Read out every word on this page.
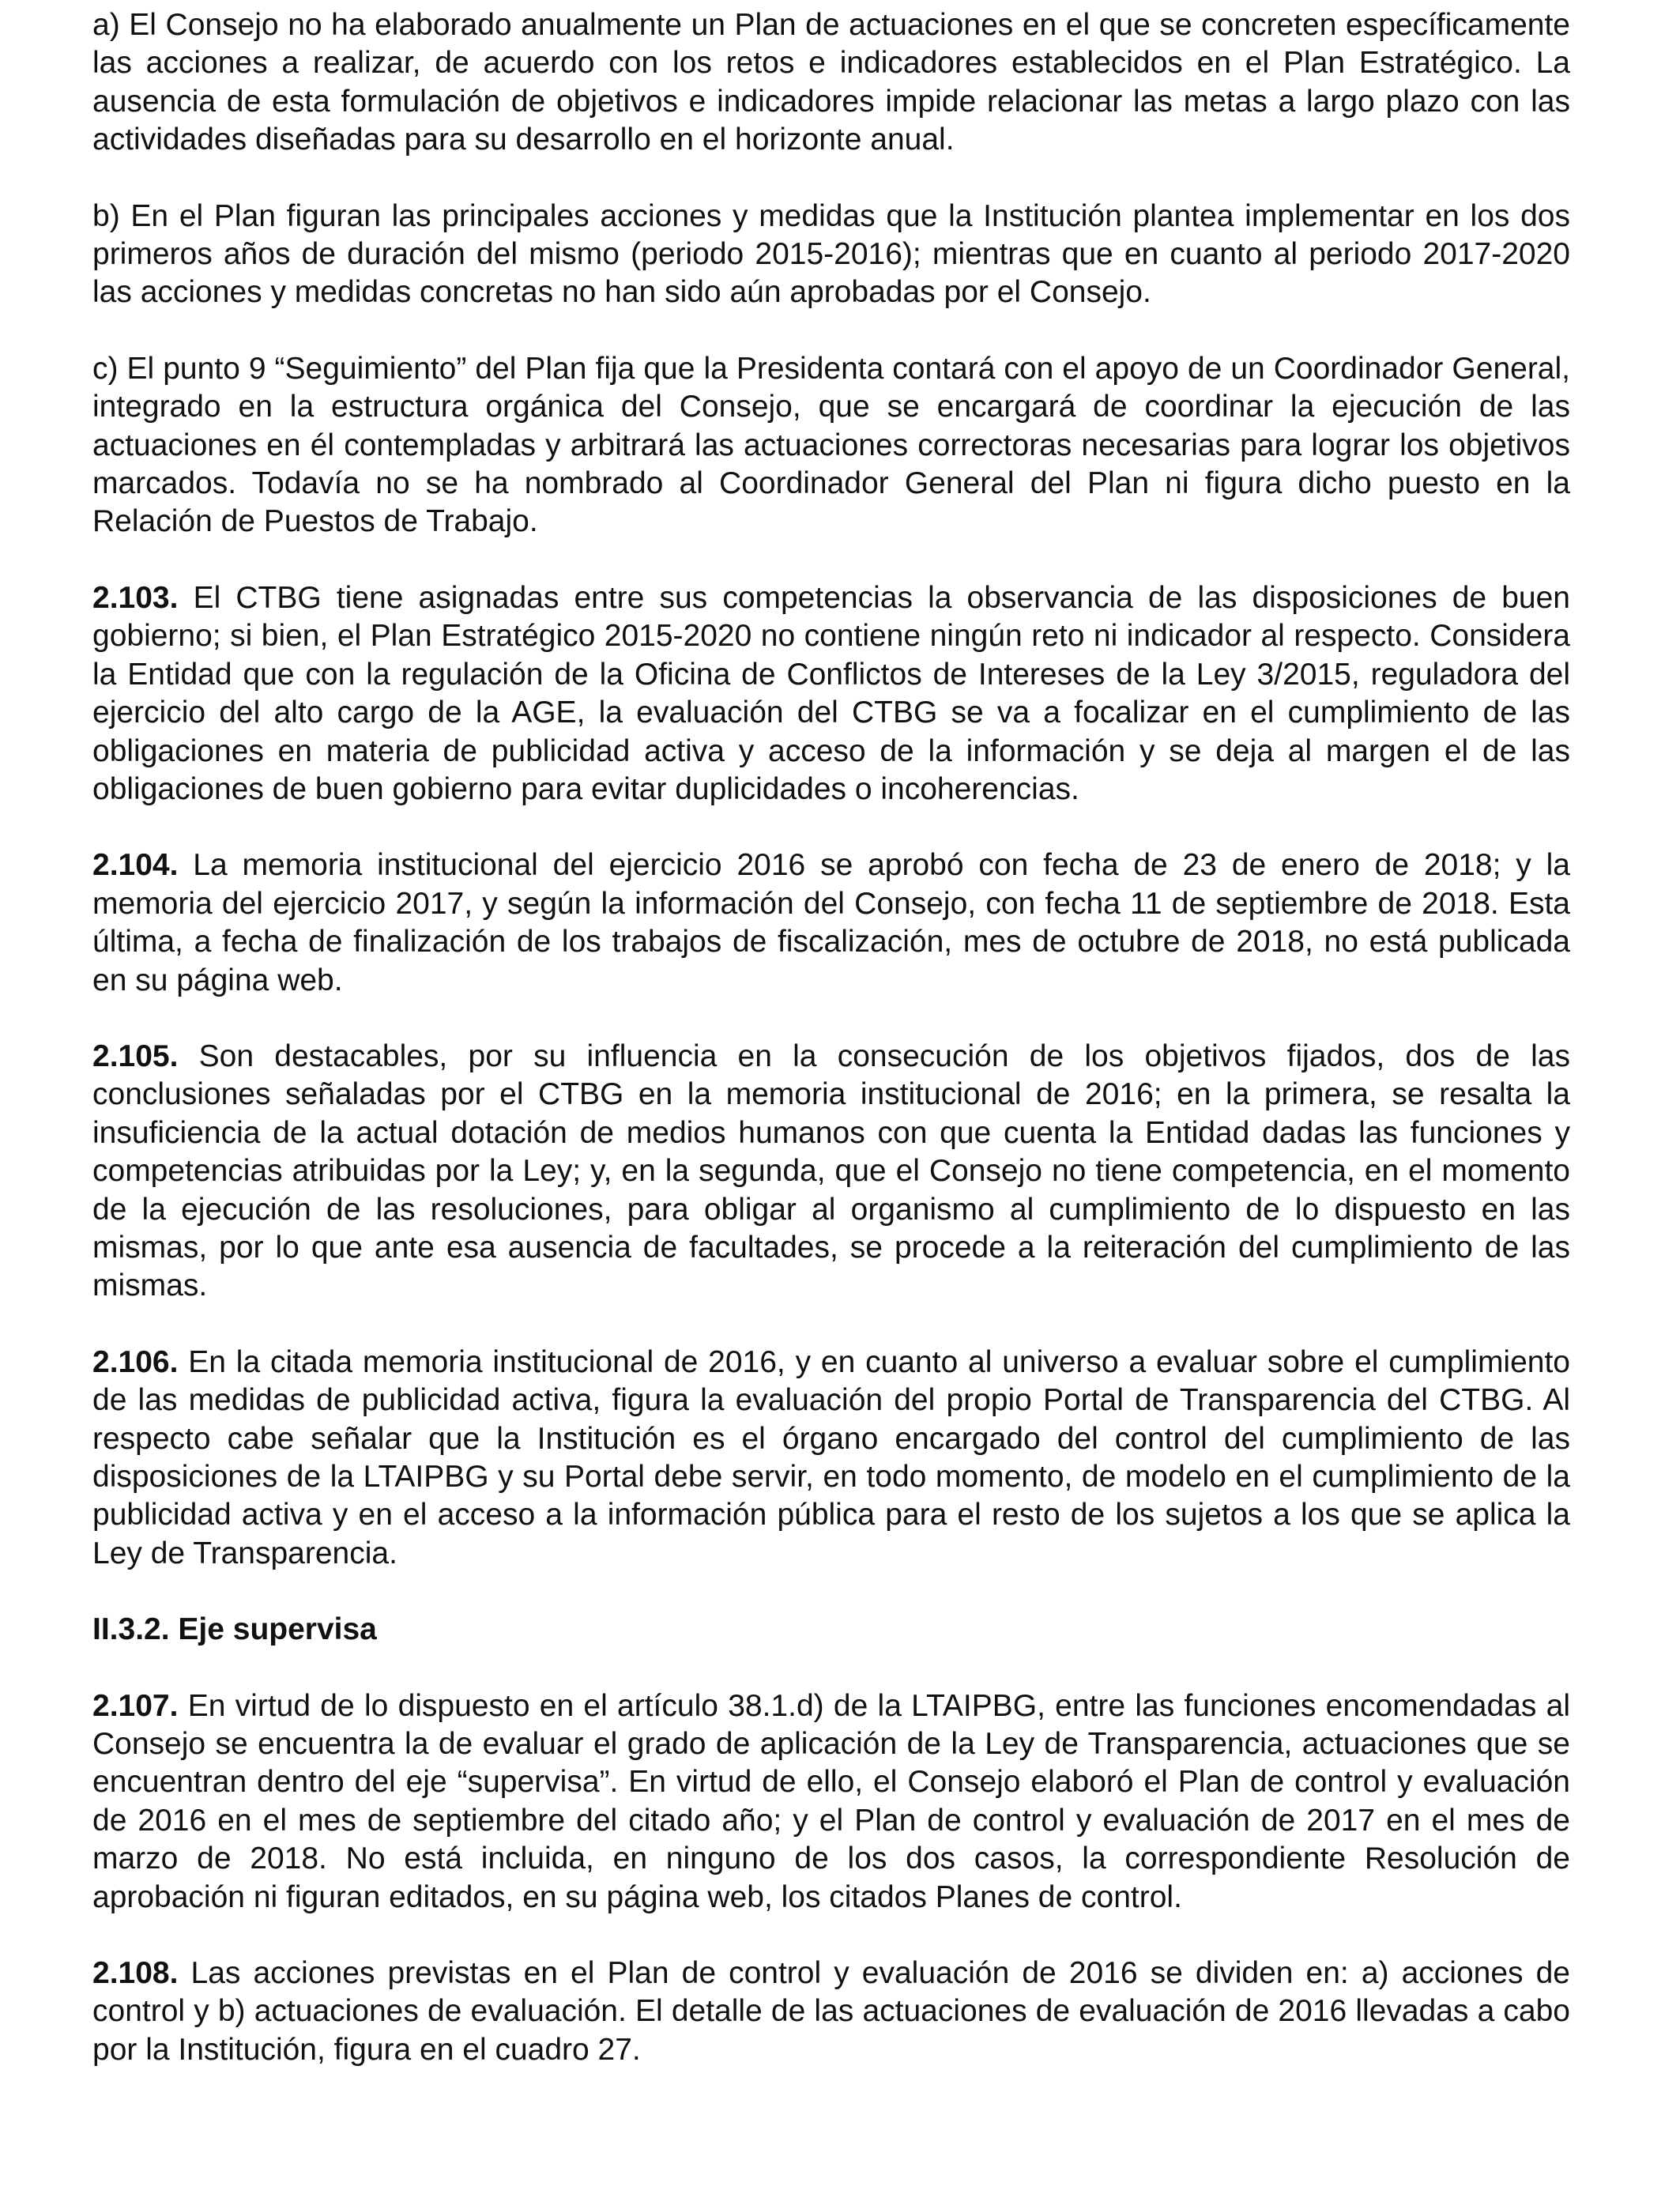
a) El Consejo no ha elaborado anualmente un Plan de actuaciones en el que se concreten específicamente las acciones a realizar, de acuerdo con los retos e indicadores establecidos en el Plan Estratégico. La ausencia de esta formulación de objetivos e indicadores impide relacionar las metas a largo plazo con las actividades diseñadas para su desarrollo en el horizonte anual.

b) En el Plan figuran las principales acciones y medidas que la Institución plantea implementar en los dos primeros años de duración del mismo (periodo 2015-2016); mientras que en cuanto al periodo 2017-2020 las acciones y medidas concretas no han sido aún aprobadas por el Consejo.

c) El punto 9 “Seguimiento” del Plan fija que la Presidenta contará con el apoyo de un Coordinador General, integrado en la estructura orgánica del Consejo, que se encargará de coordinar la ejecución de las actuaciones en él contempladas y arbitrará las actuaciones correctoras necesarias para lograr los objetivos marcados. Todavía no se ha nombrado al Coordinador General del Plan ni figura dicho puesto en la Relación de Puestos de Trabajo.

2.103. El CTBG tiene asignadas entre sus competencias la observancia de las disposiciones de buen gobierno; si bien, el Plan Estratégico 2015-2020 no contiene ningún reto ni indicador al respecto. Considera la Entidad que con la regulación de la Oficina de Conflictos de Intereses de la Ley 3/2015, reguladora del ejercicio del alto cargo de la AGE, la evaluación del CTBG se va a focalizar en el cumplimiento de las obligaciones en materia de publicidad activa y acceso de la información y se deja al margen el de las obligaciones de buen gobierno para evitar duplicidades o incoherencias.

2.104. La memoria institucional del ejercicio 2016 se aprobó con fecha de 23 de enero de 2018; y la memoria del ejercicio 2017, y según la información del Consejo, con fecha 11 de septiembre de 2018. Esta última, a fecha de finalización de los trabajos de fiscalización, mes de octubre de 2018, no está publicada en su página web.

2.105. Son destacables, por su influencia en la consecución de los objetivos fijados, dos de las conclusiones señaladas por el CTBG en la memoria institucional de 2016; en la primera, se resalta la insuficiencia de la actual dotación de medios humanos con que cuenta la Entidad dadas las funciones y competencias atribuidas por la Ley; y, en la segunda, que el Consejo no tiene competencia, en el momento de la ejecución de las resoluciones, para obligar al organismo al cumplimiento de lo dispuesto en las mismas, por lo que ante esa ausencia de facultades, se procede a la reiteración del cumplimiento de las mismas.

2.106. En la citada memoria institucional de 2016, y en cuanto al universo a evaluar sobre el cumplimiento de las medidas de publicidad activa, figura la evaluación del propio Portal de Transparencia del CTBG. Al respecto cabe señalar que la Institución es el órgano encargado del control del cumplimiento de las disposiciones de la LTAIPBG y su Portal debe servir, en todo momento, de modelo en el cumplimiento de la publicidad activa y en el acceso a la información pública para el resto de los sujetos a los que se aplica la Ley de Transparencia.

II.3.2. Eje supervisa

2.107. En virtud de lo dispuesto en el artículo 38.1.d) de la LTAIPBG, entre las funciones encomendadas al Consejo se encuentra la de evaluar el grado de aplicación de la Ley de Transparencia, actuaciones que se encuentran dentro del eje “supervisa”. En virtud de ello, el Consejo elaboró el Plan de control y evaluación de 2016 en el mes de septiembre del citado año; y el Plan de control y evaluación de 2017 en el mes de marzo de 2018. No está incluida, en ninguno de los dos casos, la correspondiente Resolución de aprobación ni figuran editados, en su página web, los citados Planes de control.

2.108. Las acciones previstas en el Plan de control y evaluación de 2016 se dividen en: a) acciones de control y b) actuaciones de evaluación. El detalle de las actuaciones de evaluación de 2016 llevadas a cabo por la Institución, figura en el cuadro 27.
